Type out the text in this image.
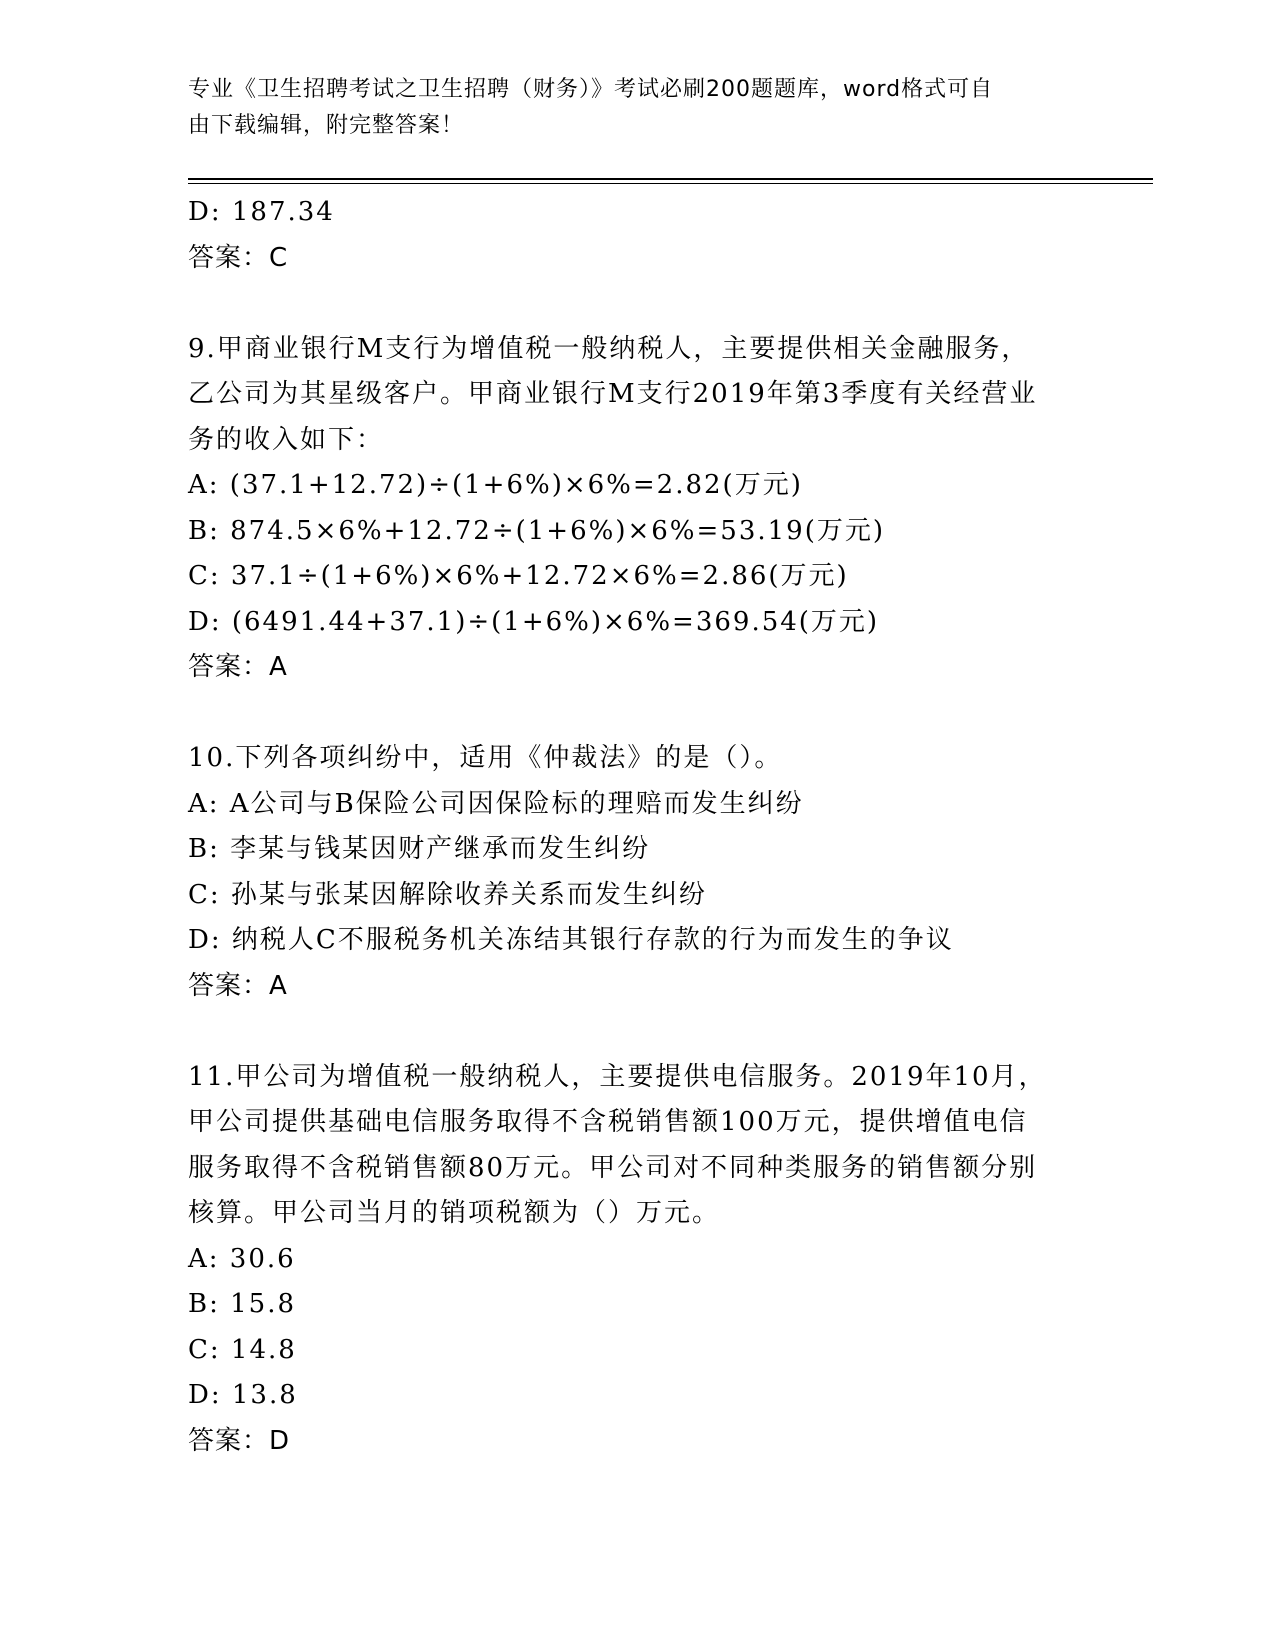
专业《卫生招聘考试之卫生招聘（财务）》考试必刷200题题库，word格式可自
由下载编辑，附完整答案！
D: 187.34
答案：C
9.甲商业银行M支行为增值税一般纳税人，主要提供相关金融服务，
乙公司为其星级客户。甲商业银行M支行2019年第3季度有关经营业
务的收入如下：
A: (37.1+12.72)÷(1+6%)×6%=2.82(万元)
B: 874.5×6%+12.72÷(1+6%)×6%=53.19(万元)
C: 37.1÷(1+6%)×6%+12.72×6%=2.86(万元)
D: (6491.44+37.1)÷(1+6%)×6%=369.54(万元)
答案：A
10.下列各项纠纷中，适用《仲裁法》的是（）。
A: A公司与B保险公司因保险标的理赔而发生纠纷
B: 李某与钱某因财产继承而发生纠纷
C: 孙某与张某因解除收养关系而发生纠纷
D: 纳税人C不服税务机关冻结其银行存款的行为而发生的争议
答案：A
11.甲公司为增值税一般纳税人，主要提供电信服务。2019年10月，
甲公司提供基础电信服务取得不含税销售额100万元，提供增值电信
服务取得不含税销售额80万元。甲公司对不同种类服务的销售额分别
核算。甲公司当月的销项税额为（）万元。
A: 30.6
B: 15.8
C: 14.8
D: 13.8
答案：D
